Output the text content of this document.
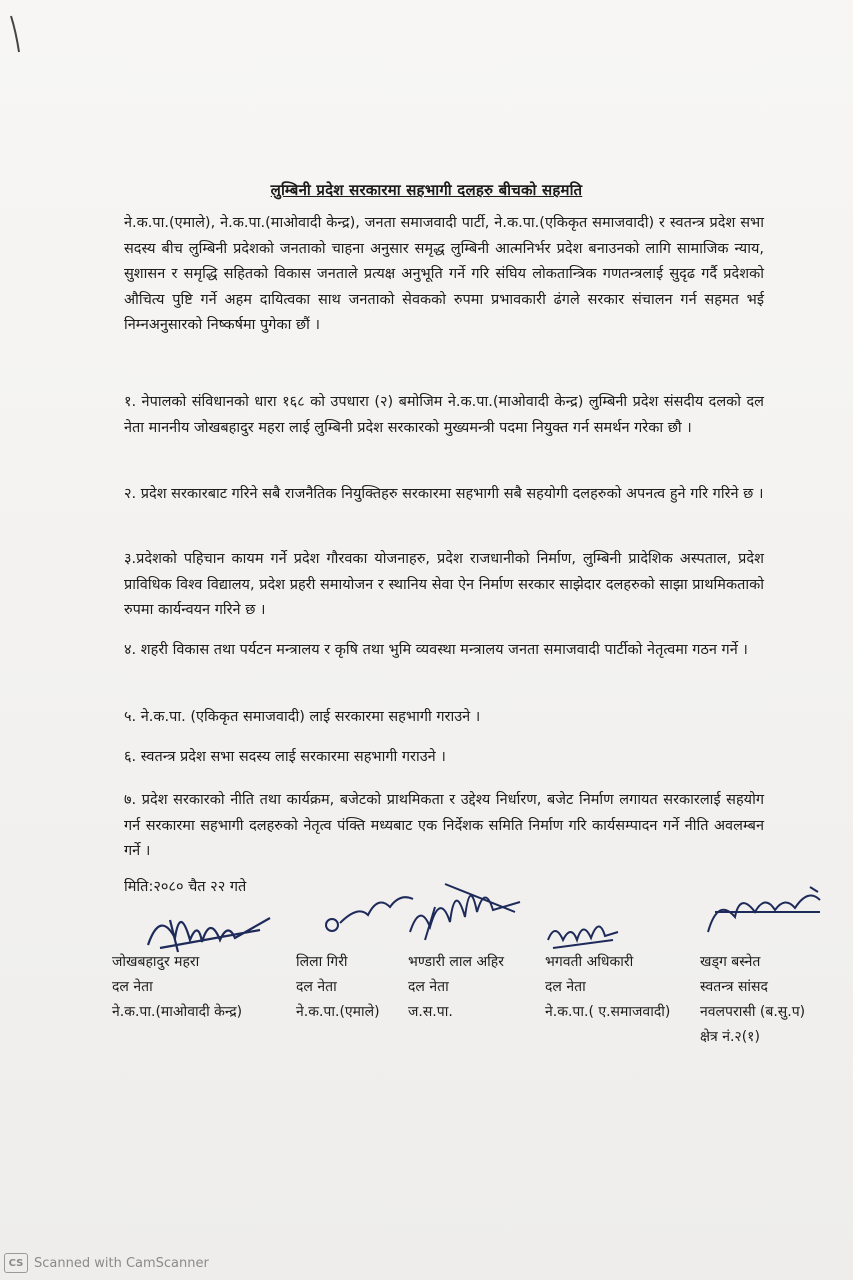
लुम्बिनी प्रदेश सरकारमा सहभागी दलहरु बीचको सहमति
ने.क.पा.(एमाले), ने.क.पा.(माओवादी केन्द्र), जनता समाजवादी पार्टी, ने.क.पा.(एकिकृत समाजवादी) र स्वतन्त्र प्रदेश सभा सदस्य बीच लुम्बिनी प्रदेशको जनताको चाहना अनुसार समृद्ध लुम्बिनी आत्मनिर्भर प्रदेश बनाउनको लागि सामाजिक न्याय, सुशासन र समृद्धि सहितको विकास जनताले प्रत्यक्ष अनुभूति गर्ने गरि संघिय लोकतान्त्रिक गणतन्त्रलाई सुदृढ गर्दै प्रदेशको औचित्य पुष्टि गर्ने अहम दायित्वका साथ जनताको सेवकको रुपमा प्रभावकारी ढंगले सरकार संचालन गर्न सहमत भई निम्नअनुसारको निष्कर्षमा पुगेका छौं ।
१. नेपालको संविधानको धारा १६८ को उपधारा (२) बमोजिम ने.क.पा.(माओवादी केन्द्र) लुम्बिनी प्रदेश संसदीय दलको दल नेता माननीय जोखबहादुर महरा लाई लुम्बिनी प्रदेश सरकारको मुख्यमन्त्री पदमा नियुक्त गर्न समर्थन गरेका छौ ।
२. प्रदेश सरकारबाट गरिने सबै राजनैतिक नियुक्तिहरु सरकारमा सहभागी सबै सहयोगी दलहरुको अपनत्व हुने गरि गरिने छ ।
३.प्रदेशको पहिचान कायम गर्ने प्रदेश गौरवका योजनाहरु, प्रदेश राजधानीको निर्माण, लुम्बिनी प्रादेशिक अस्पताल, प्रदेश प्राविधिक विश्व विद्यालय, प्रदेश प्रहरी समायोजन र स्थानिय सेवा ऐन निर्माण सरकार साझेदार दलहरुको साझा प्राथमिकताको रुपमा कार्यन्वयन गरिने छ ।
४. शहरी विकास तथा पर्यटन मन्त्रालय र कृषि तथा भुमि व्यवस्था मन्त्रालय जनता समाजवादी पार्टीको नेतृत्वमा गठन गर्ने ।
५. ने.क.पा. (एकिकृत समाजवादी) लाई सरकारमा सहभागी गराउने ।
६. स्वतन्त्र प्रदेश सभा सदस्य लाई सरकारमा सहभागी गराउने ।
७. प्रदेश सरकारको नीति तथा कार्यक्रम, बजेटको प्राथमिकता र उद्देश्य निर्धारण, बजेट निर्माण लगायत सरकारलाई सहयोग गर्न सरकारमा सहभागी दलहरुको नेतृत्व पंक्ति मध्यबाट एक निर्देशक समिति निर्माण गरि कार्यसम्पादन गर्ने नीति अवलम्बन गर्ने ।
मिति:२०८० चैत २२ गते
जोखबहादुर महरा
दल नेता
ने.क.पा.(माओवादी केन्द्र)
लिला गिरी
दल नेता
ने.क.पा.(एमाले)
भण्डारी लाल अहिर
दल नेता
ज.स.पा.
भगवती अधिकारी
दल नेता
ने.क.पा.( ए.समाजवादी)
खड्ग बस्नेत
स्वतन्त्र सांसद
नवलपरासी (ब.सु.प)
क्षेत्र नं.२(१)
CS Scanned with CamScanner
